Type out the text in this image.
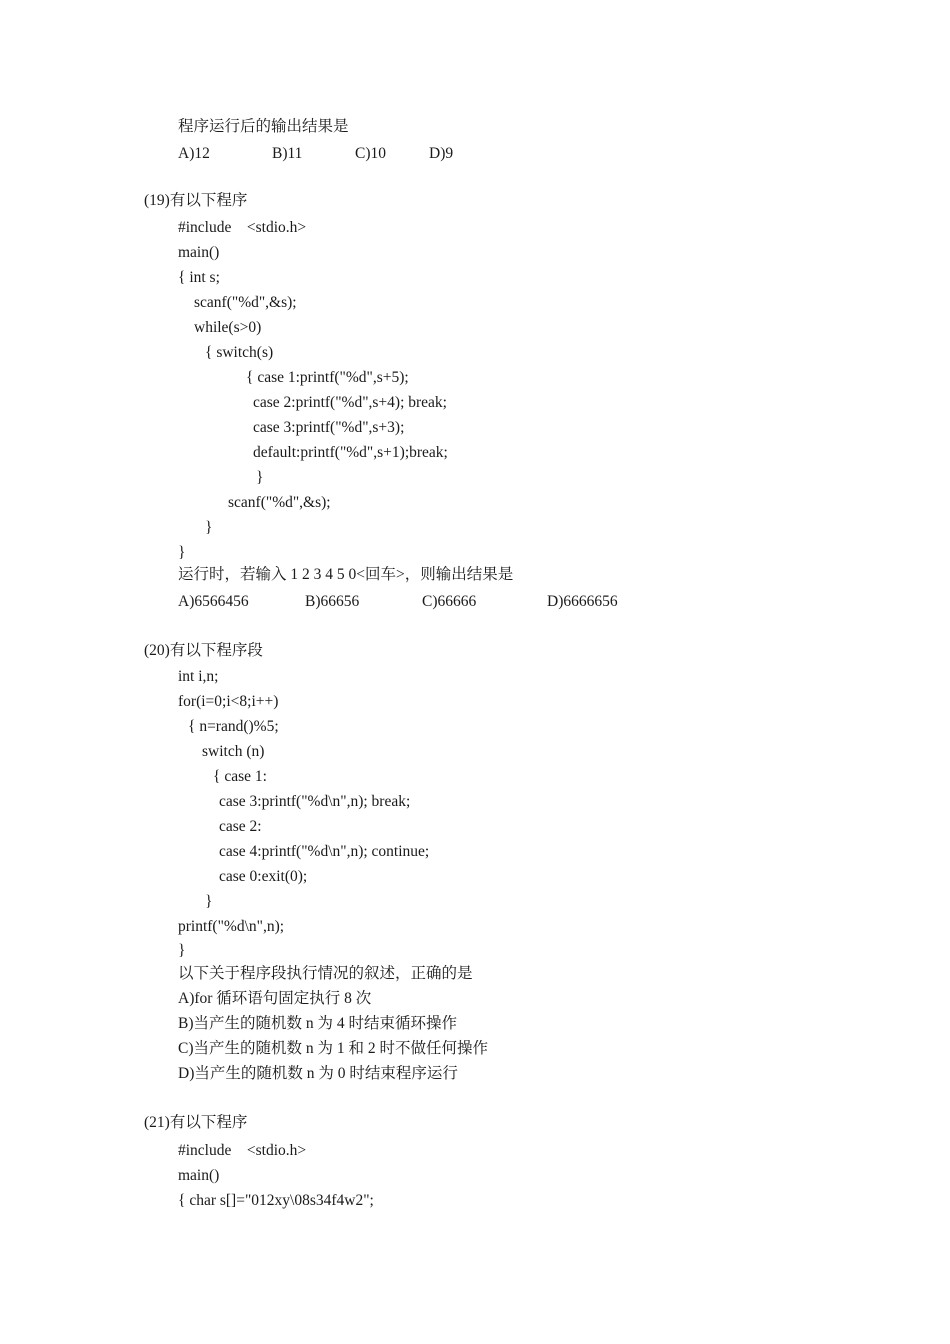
程序运行后的输出结果是
A)12	B)11	C)10	D)9
(19)有以下程序
#include    <stdio.h>
main()
{ int s;
scanf("%d",&s);
while(s>0)
{ switch(s)
{ case 1:printf("%d",s+5);
case 2:printf("%d",s+4); break;
case 3:printf("%d",s+3);
default:printf("%d",s+1);break;
}
scanf("%d",&s);
}
}
运行时，若输入 1 2 3 4 5 0<回车>，则输出结果是
A)6566456	B)66656	C)66666	D)6666656
(20)有以下程序段
int i,n;
for(i=0;i<8;i++)
{ n=rand()%5;
switch (n)
{ case 1:
case 3:printf("%d\n",n); break;
case 2:
case 4:printf("%d\n",n); continue;
case 0:exit(0);
}
printf("%d\n",n);
}
以下关于程序段执行情况的叙述，正确的是
A)for 循环语句固定执行 8 次
B)当产生的随机数 n 为 4 时结束循环操作
C)当产生的随机数 n 为 1 和 2 时不做任何操作
D)当产生的随机数 n 为 0 时结束程序运行
(21)有以下程序
#include    <stdio.h>
main()
{ char s[]="012xy\08s34f4w2";
